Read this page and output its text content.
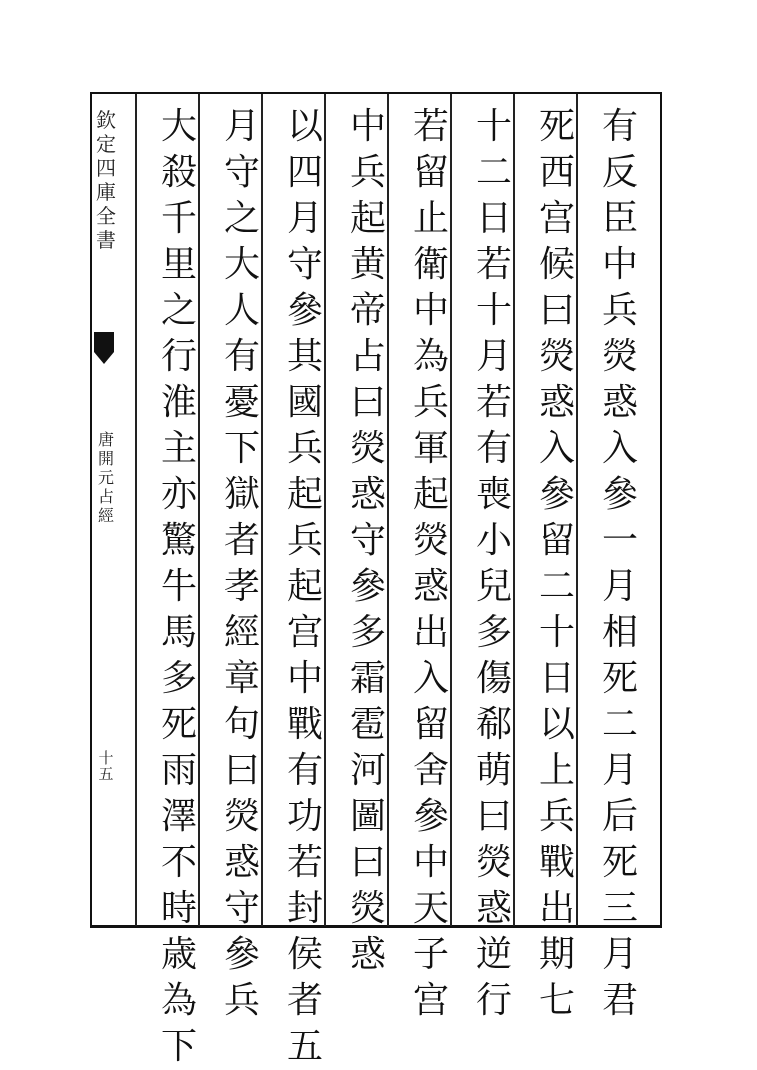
欽
定
四
庫
全
書
唐
開
元
占
經
十
五
有
反
臣
中
兵
熒
惑
入
參
一
月
相
死
二
月
后
死
三
月
君
死
西
宫
候
曰
熒
惑
入
參
留
二
十
日
以
上
兵
戰
出
期
七
十
二
日
若
十
月
若
有
喪
小
兒
多
傷
郗
萌
曰
熒
惑
逆
行
若
留
止
衛
中
為
兵
軍
起
熒
惑
出
入
留
舍
參
中
天
子
宫
中
兵
起
黄
帝
占
曰
熒
惑
守
參
多
霜
雹
河
圖
曰
熒
惑
以
四
月
守
參
其
國
兵
起
兵
起
宫
中
戰
有
功
若
封
侯
者
五
月
守
之
大
人
有
憂
下
獄
者
孝
經
章
句
曰
熒
惑
守
參
兵
大
殺
千
里
之
行
淮
主
亦
驚
牛
馬
多
死
雨
澤
不
時
歳
為
下
